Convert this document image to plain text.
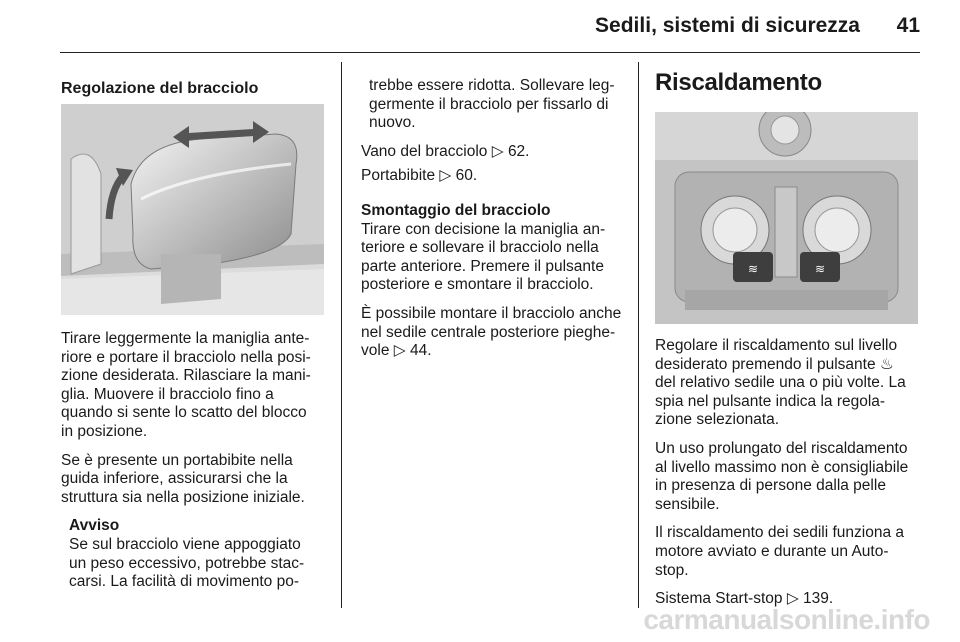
Sedili, sistemi di sicurezza	41
Regolazione del bracciolo

Tirare leggermente la maniglia ante-
riore e portare il bracciolo nella posi-
zione desiderata. Rilasciare la mani-
glia. Muovere il bracciolo fino a
quando si sente lo scatto del blocco
in posizione.

Se è presente un portabibite nella
guida inferiore, assicurarsi che la
struttura sia nella posizione iniziale.

Avviso
Se sul bracciolo viene appoggiato
un peso eccessivo, potrebbe stac-
carsi. La facilità di movimento po-

trebbe essere ridotta. Sollevare leg-
germente il bracciolo per fissarlo di
nuovo.

Vano del bracciolo ▷ 62.

Portabibite ▷ 60.

Smontaggio del bracciolo

Tirare con decisione la maniglia an-
teriore e sollevare il bracciolo nella
parte anteriore. Premere il pulsante
posteriore e smontare il bracciolo.

È possibile montare il bracciolo anche
nel sedile centrale posteriore pieghe-
vole ▷ 44.

Riscaldamento
≋	≋

Regolare il riscaldamento sul livello
desiderato premendo il pulsante ♨
del relativo sedile una o più volte. La
spia nel pulsante indica la regola-
zione selezionata.

Un uso prolungato del riscaldamento
al livello massimo non è consigliabile
in presenza di persone dalla pelle
sensibile.

Il riscaldamento dei sedili funziona a
motore avviato e durante un Auto-
stop.

Sistema Start-stop ▷ 139.

carmanualsonline.info
